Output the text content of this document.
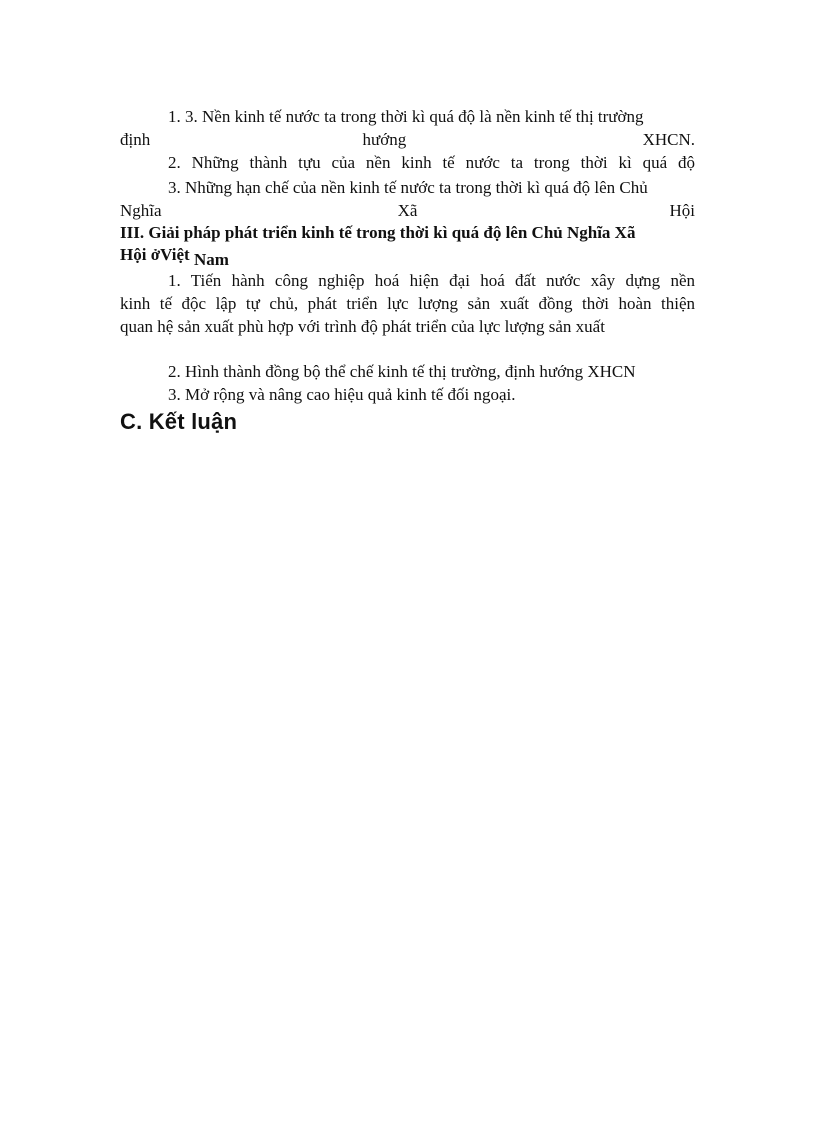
1. 3. Nền kinh tế nước ta trong thời kì quá độ là nền kinh tế thị trường
định	hướng	XHCN.
2. Những thành tựu của nền kinh tế nước ta trong thời kì quá độ
3. Những hạn chế của nền kinh tế nước ta trong thời kì quá độ lên Chủ
Nghĩa	Xã	Hội
III. Giải pháp phát triển kinh tế trong thời kì quá độ lên Chủ Nghĩa Xã
Hội ởViệt Nam
1. Tiến hành công nghiệp hoá hiện đại hoá đất nước xây dựng nền
kinh tế độc lập tự chủ, phát triển lực lượng sản xuất đồng thời hoàn thiện
quan hệ sản xuất phù hợp với trình độ phát triển của lực lượng sản xuất
2. Hình thành đồng bộ thể chế kinh tế thị trường, định hướng XHCN
3. Mở rộng và nâng cao hiệu quả kinh tế đối ngoại.
C. Kết luận
